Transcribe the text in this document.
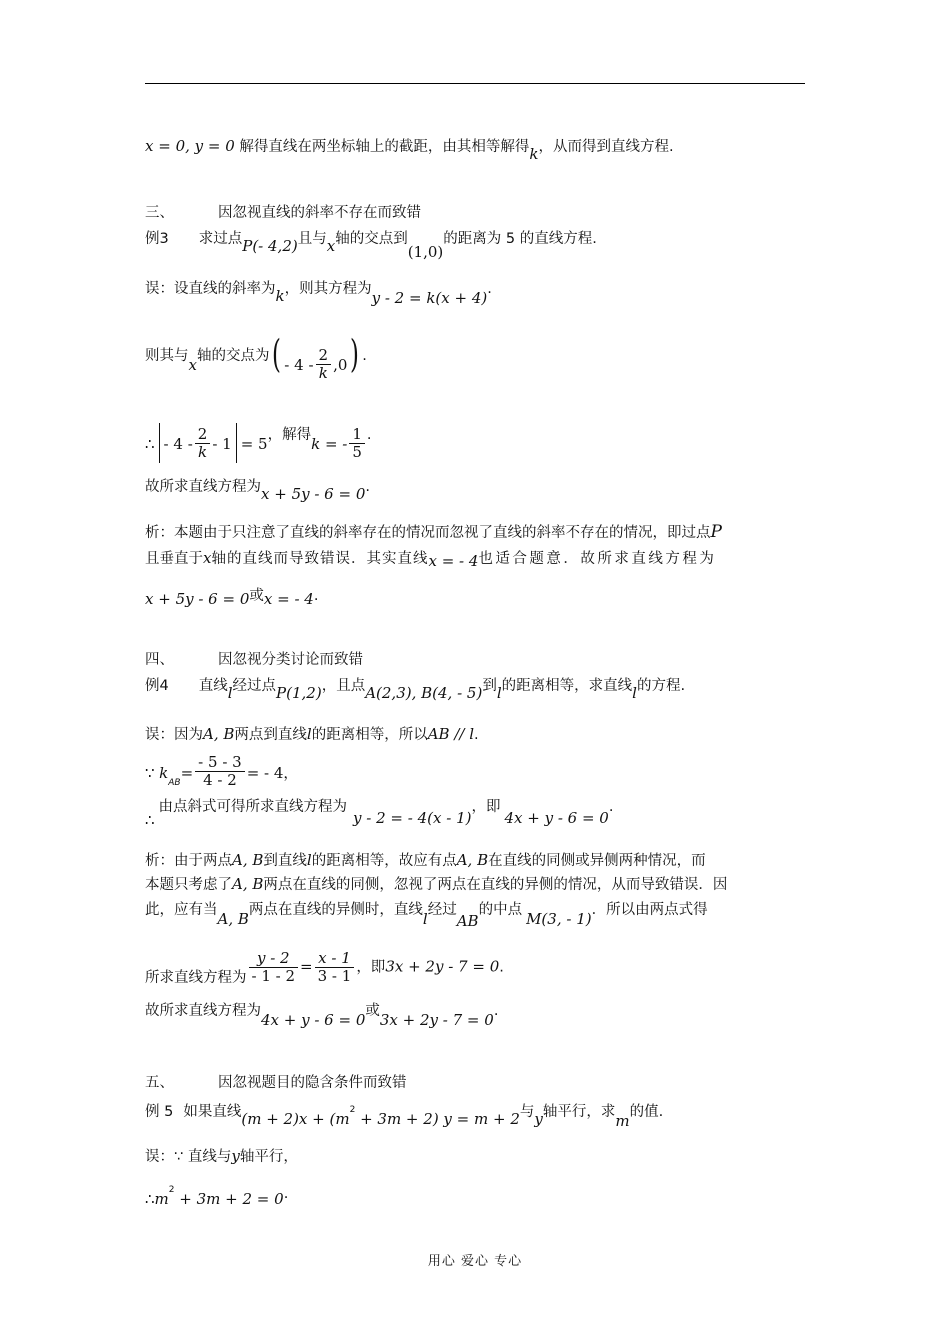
x = 0, y = 0 解得直线在两坐标轴上的截距，由其相等解得k，从而得到直线方程.
三、	因忽视直线的斜率不存在而致错
例3 求过点P(- 4,2)且与x轴的交点到(1,0)的距离为 5 的直线方程.
误：设直线的斜率为k，则其方程为y - 2 = k(x + 4).
则其与x轴的交点为( - $4 - \frac{2}{k} ,0$) .
∴ - $4 - \frac{2}{k} - 1 = 5$，解得k = - $\frac{1}{5}$ .
故所求直线方程为x + 5y - 6 = 0.
析：本题由于只注意了直线的斜率存在的情况而忽视了直线的斜率不存在的情况，即过点P
且垂直于x轴的直线而导致错误．其实直线x = - 4也适合题意．故所求直线方程为
x + 5y - 6 = 0或x = - 4.
四、	因忽视分类讨论而致错
例4 直线l经过点P(1,2)，且点A(2,3), B(4, - 5)到l的距离相等，求直线l的方程.
误：因为A, B两点到直线l的距离相等，所以AB // l.
∵ $k_{AB}= \frac{- 5 - 3}{4 - 2}$ = - 4，
∴由点斜式可得所求直线方程为y - 2 = - 4(x - 1)，即4x + y - 6 = 0.
析：由于两点A, B到直线l的距离相等，故应有点A, B在直线的同侧或异侧两种情况，而
本题只考虑了A, B两点在直线的同侧，忽视了两点在直线的异侧的情况，从而导致错误．因
此，应有当A, B两点在直线的异侧时，直线l经过AB的中点 M(3, - 1)．所以由两点式得
所求直线方程为 $\frac{y - 2}{- 1 - 2} = \frac{x - 1}{3 - 1}$ ，即3x + 2y - 7 = 0.
故所求直线方程为4x + y - 6 = 0或3x + 2y - 7 = 0.
五、	因忽视题目的隐含条件而致错
例 5 如果直线$(m + 2)x + (m^2 + 3m + 2) y = m + 2$与y轴平行，求m的值.
误：∵ 直线与y轴平行，
$\therefore m^2 + 3m + 2 = 0$.
用心 爱心 专心
